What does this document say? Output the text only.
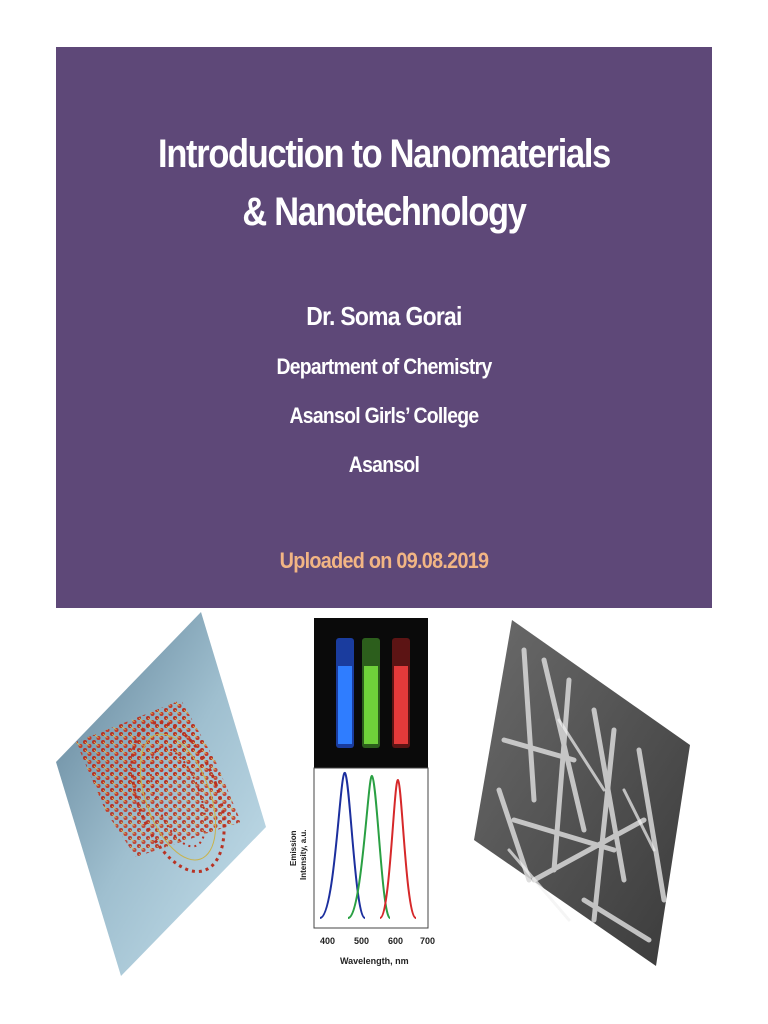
Introduction to Nanomaterials
& Nanotechnology
Dr. Soma Gorai
Department of Chemistry
Asansol Girls’ College
Asansol
Uploaded on 09.08.2019
Emission Intensity, a.u.
400 500 600 700
Wavelength, nm
